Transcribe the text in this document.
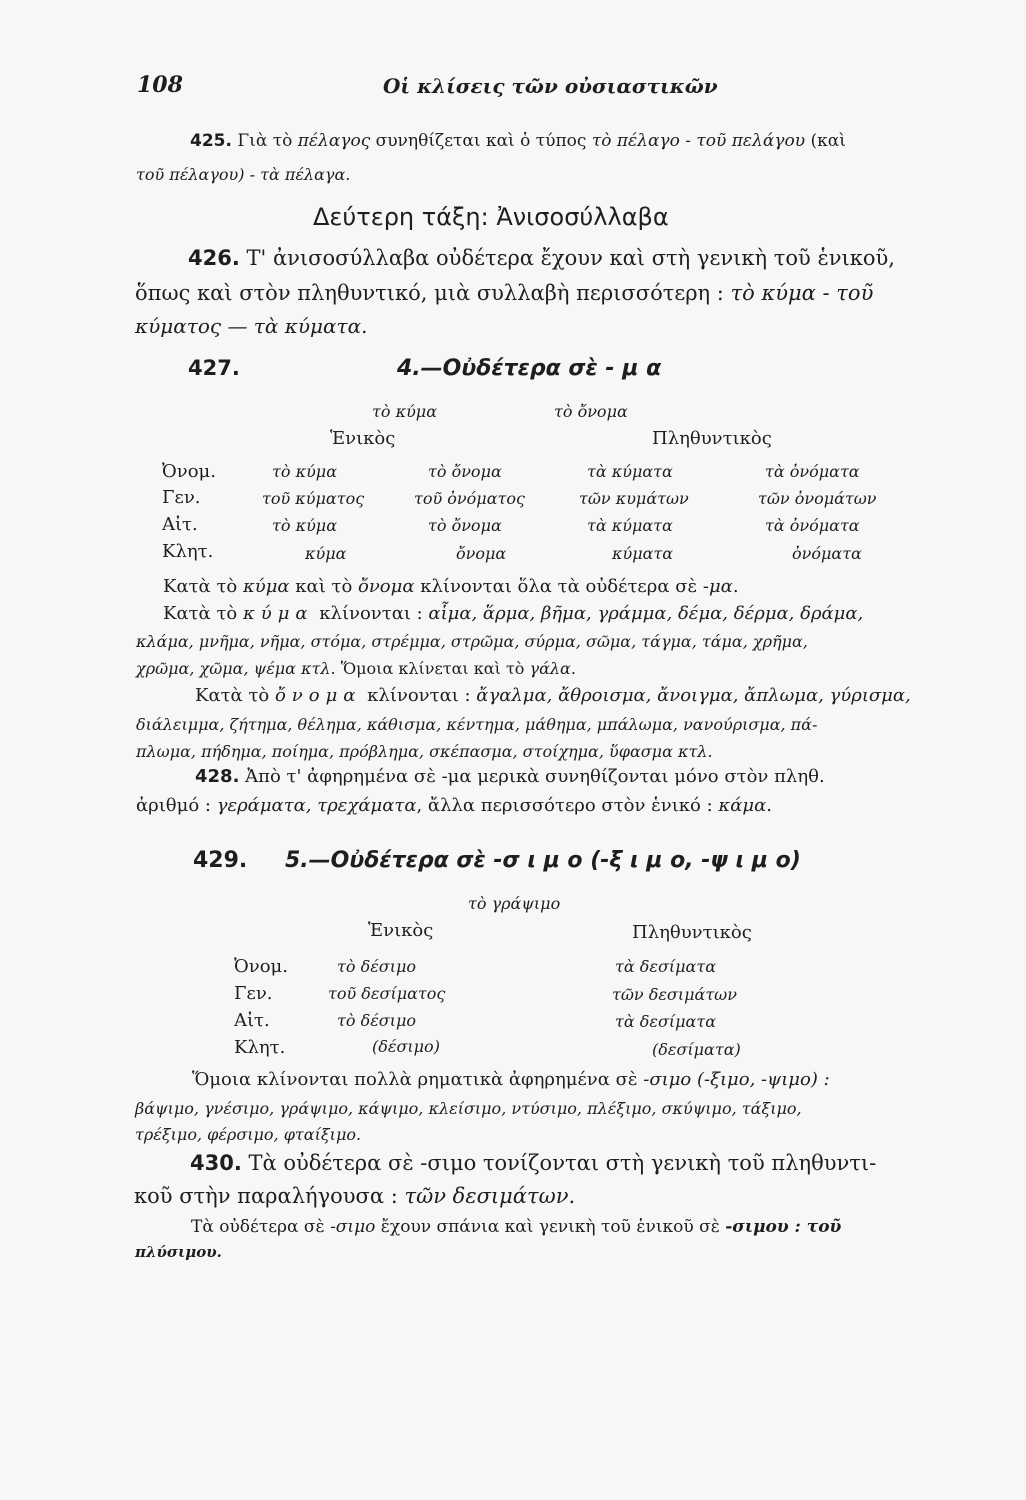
108	Οἱ κλίσεις τῶν οὐσιαστικῶν
425. Γιὰ τὸ πέλαγος συνηθίζεται καὶ ὁ τύπος τὸ πέλαγο - τοῦ πελάγου (καὶ
τοῦ πέλαγου) - τὰ πέλαγα.
Δεύτερη τάξη: Ἀνισοσύλλαβα
426. Τ' ἀνισοσύλλαβα οὐδέτερα ἔχουν καὶ στὴ γενικὴ τοῦ ἑνικοῦ,
ὅπως καὶ στὸν πληθυντικό, μιὰ συλλαβὴ περισσότερη : τὸ κύμα - τοῦ
κύματος — τὰ κύματα.
427.	4.—Οὐδέτερα σὲ - μ α
τὸ κύμα	τὸ ὄνομα
Ἑνικὸς	Πληθυντικὸς
Ὀνομ.	τὸ κύμα	τὸ ὄνομα	τὰ κύματα	τὰ ὀνόματα
Γεν.	τοῦ κύματος	τοῦ ὀνόματος	τῶν κυμάτων	τῶν ὀνομάτων
Αἰτ.	τὸ κύμα	τὸ ὄνομα	τὰ κύματα	τὰ ὀνόματα
Κλητ.	κύμα	ὄνομα	κύματα	ὀνόματα
Κατὰ τὸ κύμα καὶ τὸ ὄνομα κλίνονται ὅλα τὰ οὐδέτερα σὲ -μα.
Κατὰ τὸ κύμα κλίνονται : αἷμα, ἅρμα, βῆμα, γράμμα, δέμα, δέρμα, δράμα,
κλάμα, μνῆμα, νῆμα, στόμα, στρέμμα, στρῶμα, σύρμα, σῶμα, τάγμα, τάμα, χρῆμα,
χρῶμα, χῶμα, ψέμα κτλ. Ὅμοια κλίνεται καὶ τὸ γάλα.
Κατὰ τὸ ὄνομα κλίνονται : ἄγαλμα, ἄθροισμα, ἄνοιγμα, ἄπλωμα, γύρισμα,
διάλειμμα, ζήτημα, θέλημα, κάθισμα, κέντημα, μάθημα, μπάλωμα, νανούρισμα, πά-
πλωμα, πήδημα, ποίημα, πρόβλημα, σκέπασμα, στοίχημα, ὕφασμα κτλ.
428. Ἀπὸ τ' ἀφηρημένα σὲ -μα μερικὰ συνηθίζονται μόνο στὸν πληθ.
ἀριθμό : γεράματα, τρεχάματα, ἄλλα περισσότερο στὸν ἑνικό : κάμα.
429. 5.—Οὐδέτερα σὲ -σ ι μ ο (-ξ ι μ ο, -ψ ι μ ο)
τὸ γράψιμο
Ἑνικὸς	Πληθυντικὸς
Ὀνομ.	τὸ δέσιμο	τὰ δεσίματα
Γεν.	τοῦ δεσίματος	τῶν δεσιμάτων
Αἰτ.	τὸ δέσιμο	τὰ δεσίματα
Κλητ.	(δέσιμο)	(δεσίματα)
Ὅμοια κλίνονται πολλὰ ρηματικὰ ἀφηρημένα σὲ -σιμο (-ξιμο, -ψιμο) :
βάψιμο, γνέσιμο, γράψιμο, κάψιμο, κλείσιμο, ντύσιμο, πλέξιμο, σκύψιμο, τάξιμο,
τρέξιμο, φέρσιμο, φταίξιμο.
430. Τὰ οὐδέτερα σὲ -σιμο τονίζονται στὴ γενικὴ τοῦ πληθυντι-
κοῦ στὴν παραλήγουσα : τῶν δεσιμάτων.
Τὰ οὐδέτερα σὲ -σιμο ἔχουν σπάνια καὶ γενικὴ τοῦ ἑνικοῦ σὲ -σιμου : τοῦ
πλύσιμου.
